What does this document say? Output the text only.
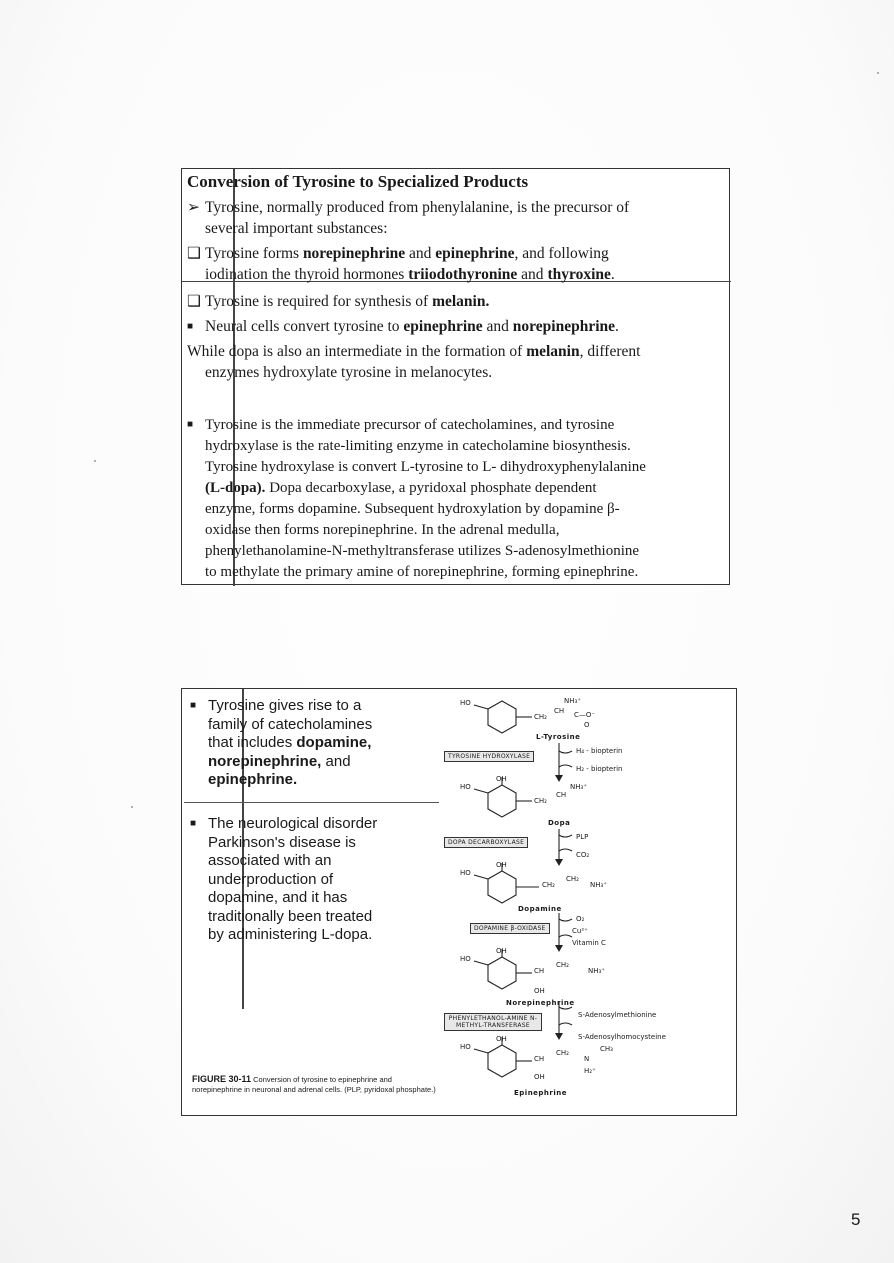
Conversion of Tyrosine to Specialized Products
➢ Tyrosine, normally produced from phenylalanine, is the precursor of
several important substances:
❑ Tyrosine forms norepinephrine and epinephrine, and following
iodination the thyroid hormones triiodothyronine and thyroxine.
❑ Tyrosine is required for synthesis of melanin.
■ Neural cells convert tyrosine to epinephrine and norepinephrine.
While dopa is also an intermediate in the formation of melanin, different
enzymes hydroxylate tyrosine in melanocytes.
■ Tyrosine is the immediate precursor of catecholamines, and tyrosine
hydroxylase is the rate-limiting enzyme in catecholamine biosynthesis.
Tyrosine hydroxylase is convert L-tyrosine to L- dihydroxyphenylalanine
(L-dopa). Dopa decarboxylase, a pyridoxal phosphate dependent
enzyme, forms dopamine. Subsequent hydroxylation by dopamine β-
oxidase then forms norepinephrine. In the adrenal medulla,
phenylethanolamine-N-methyltransferase utilizes S-adenosylmethionine
to methylate the primary amine of norepinephrine, forming epinephrine.
■ Tyrosine gives rise to a
family of catecholamines
that includes dopamine,
norepinephrine, and
epinephrine.
■ The neurological disorder
Parkinson's disease is
associated with an
underproduction of
dopamine, and it has
traditionally been treated
by administering L-dopa.
FIGURE 30-11 Conversion of tyrosine to epinephrine and norepinephrine in neuronal and adrenal cells. (PLP, pyridoxal phosphate.)
HO	NH₃⁺
CH₂
CH C—O⁻
O
L-Tyrosine
TYROSINE HYDROXYLASE
H₄ - biopterin
H₂ - biopterin
OH
HO	NH₃⁺
CH₂
CH
Dopa
DOPA DECARBOXYLASE
PLP
CO₂
OH
HO
CH₂
CH₂
NH₃⁺
Dopamine
DOPAMINE β-OXIDASE
O₂
Cu²⁺
Vitamin C
OH
HO
CH
OH
CH₂
NH₃⁺
Norepinephrine
PHENYLETHANOL-AMINE N-METHYL-TRANSFERASE
S-Adenosylmethionine
S-Adenosylhomocysteine
OH
HO
CH
OH
CH₂
N
H₂⁺
CH₃
Epinephrine
5
